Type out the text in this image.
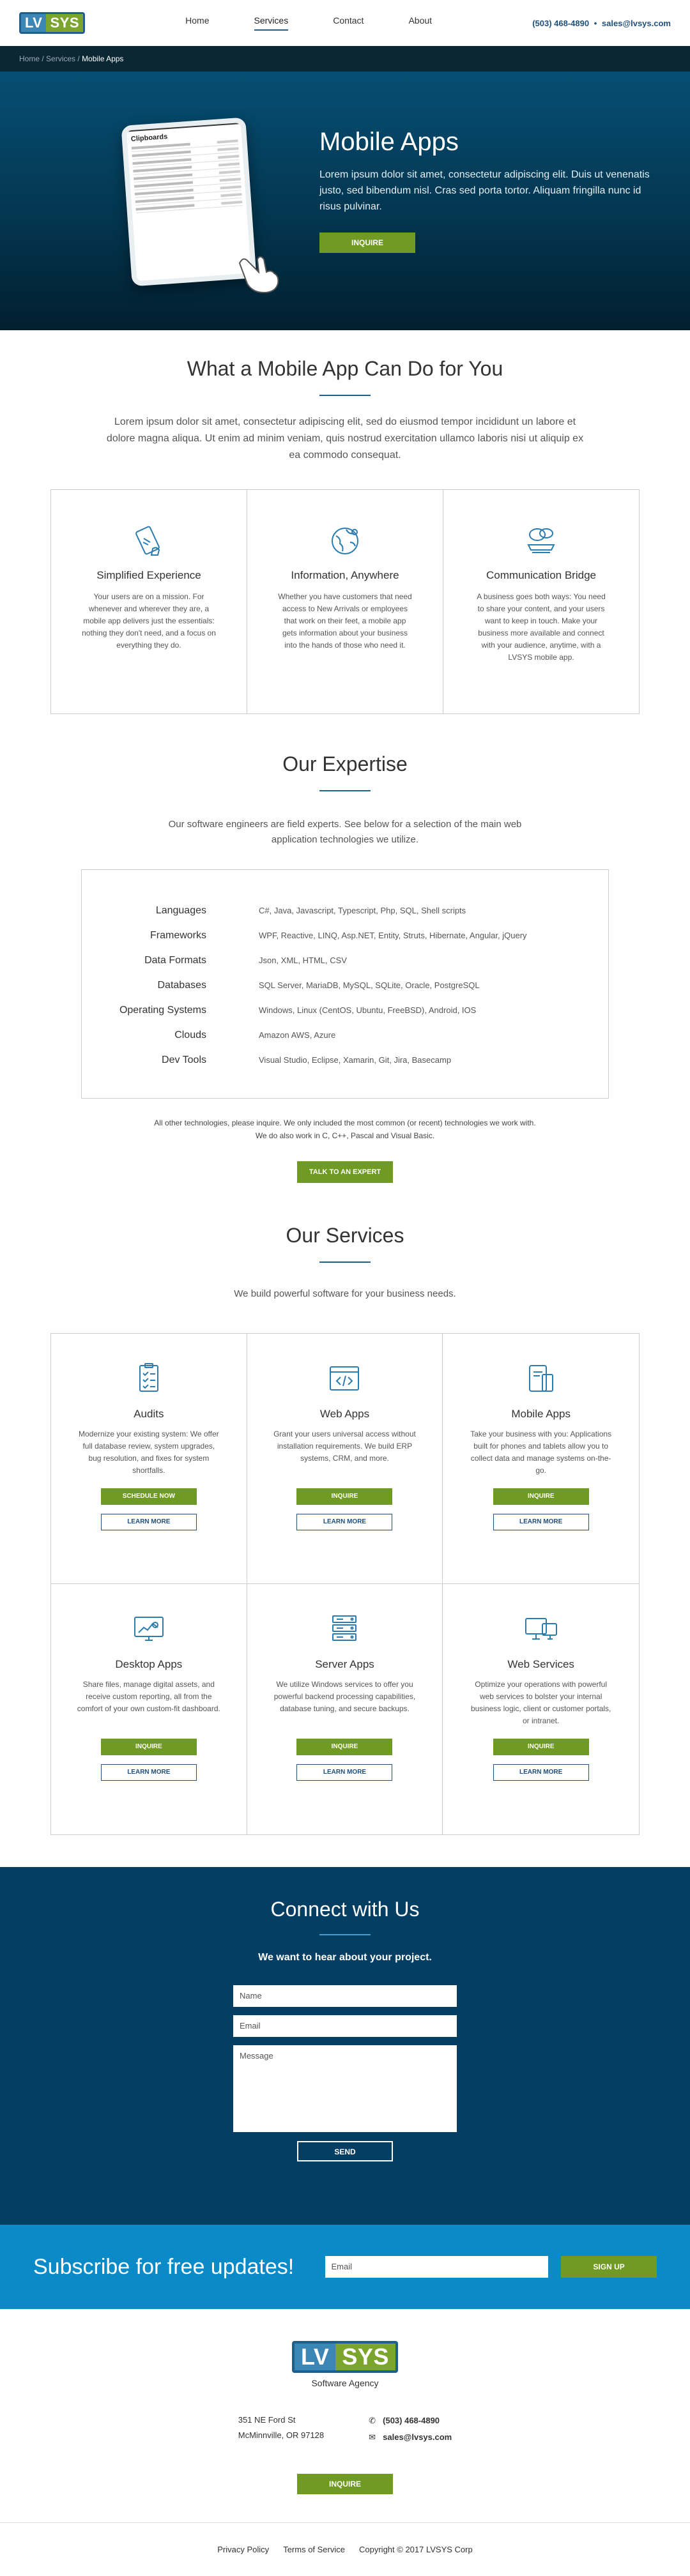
LV SYS	Home	Services	Contact	About	(503) 468-4890 • sales@lvsys.com
Home / Services / Mobile Apps
Clipboards	Mobile Apps

Lorem ipsum dolor sit amet, consectetur adipiscing elit. Duis ut venenatis justo, sed bibendum nisl. Cras sed porta tortor. Aliquam fringilla nunc id risus pulvinar.

INQUIRE
What a Mobile App Can Do for You

Lorem ipsum dolor sit amet, consectetur adipiscing elit, sed do eiusmod tempor incididunt un labore et dolore magna aliqua. Ut enim ad minim veniam, quis nostrud exercitation ullamco laboris nisi ut aliquip ex ea commodo consequat.

Simplified Experience

Your users are on a mission. For whenever and wherever they are, a mobile app delivers just the essentials: nothing they don't need, and a focus on everything they do.

Information, Anywhere

Whether you have customers that need access to New Arrivals or employees that work on their feet, a mobile app gets information about your business into the hands of those who need it.

Communication Bridge

A business goes both ways: You need to share your content, and your users want to keep in touch. Make your business more available and connect with your audience, anytime, with a LVSYS mobile app.

Our Expertise

Our software engineers are field experts. See below for a selection of the main web application technologies we utilize.

Languages	C#, Java, Javascript, Typescript, Php, SQL, Shell scripts
Frameworks	WPF, Reactive, LINQ, Asp.NET, Entity, Struts, Hibernate, Angular, jQuery
Data Formats	Json, XML, HTML, CSV
Databases	SQL Server, MariaDB, MySQL, SQLite, Oracle, PostgreSQL
Operating Systems	Windows, Linux (CentOS, Ubuntu, FreeBSD), Android, IOS
Clouds	Amazon AWS, Azure
Dev Tools	Visual Studio, Eclipse, Xamarin, Git, Jira, Basecamp
All other technologies, please inquire. We only included the most common (or recent) technologies we work with.
We do also work in C, C++, Pascal and Visual Basic.
TALK TO AN EXPERT
Our Services

We build powerful software for your business needs.

Audits

Modernize your existing system: We offer full database review, system upgrades, bug resolution, and fixes for system shortfalls.

SCHEDULE NOW
LEARN MORE
Web Apps

Grant your users universal access without installation requirements. We build ERP systems, CRM, and more.

INQUIRE
LEARN MORE
Mobile Apps

Take your business with you: Applications built for phones and tablets allow you to collect data and manage systems on-the-go.

INQUIRE
LEARN MORE
Desktop Apps

Share files, manage digital assets, and receive custom reporting, all from the comfort of your own custom-fit dashboard.

INQUIRE
LEARN MORE
Server Apps

We utilize Windows services to offer you powerful backend processing capabilities, database tuning, and secure backups.

INQUIRE
LEARN MORE
Web Services

Optimize your operations with powerful web services to bolster your internal business logic, client or customer portals, or intranet.

INQUIRE
LEARN MORE
Connect with Us
We want to hear about your project.
Name
Email
Message
SEND
Subscribe for free updates!	Email	SIGN UP
LV SYS
Software Agency
351 NE Ford St
McMinnville, OR 97128
✆ (503) 468-4890
✉ sales@lvsys.com
INQUIRE
Privacy Policy Terms of Service Copyright © 2017 LVSYS Corp
